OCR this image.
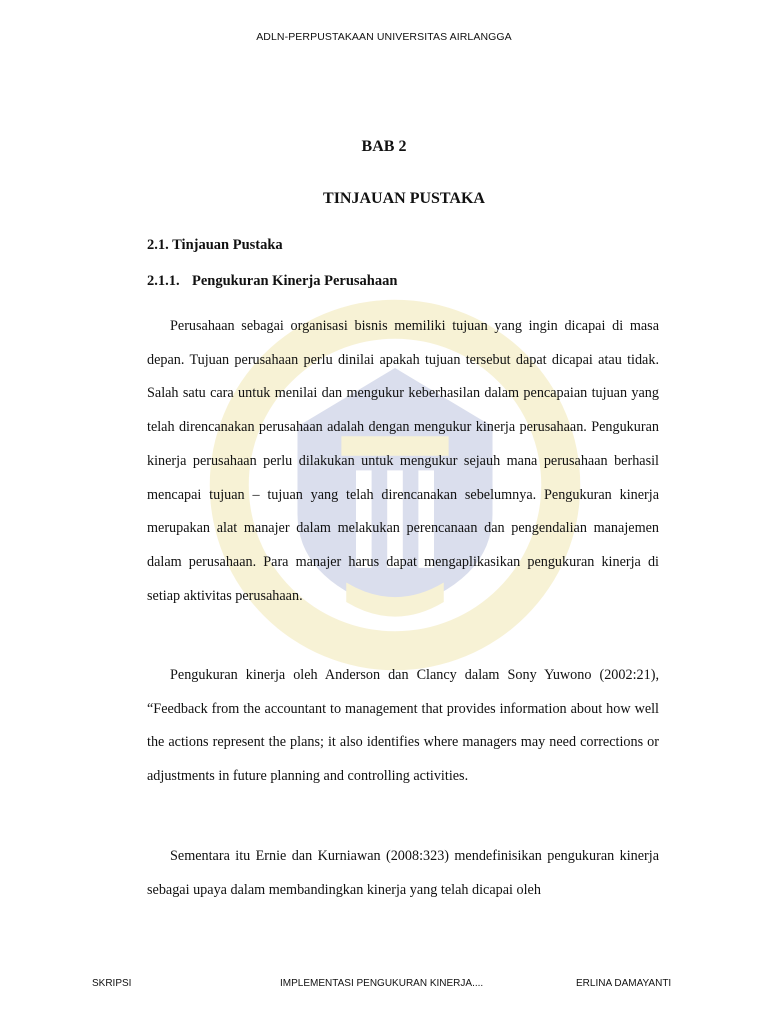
ADLN-PERPUSTAKAAN UNIVERSITAS AIRLANGGA
BAB 2
TINJAUAN PUSTAKA
2.1. Tinjauan Pustaka
2.1.1. Pengukuran Kinerja Perusahaan

Perusahaan sebagai organisasi bisnis memiliki tujuan yang ingin dicapai di masa depan. Tujuan perusahaan perlu dinilai apakah tujuan tersebut dapat dicapai atau tidak. Salah satu cara untuk menilai dan mengukur keberhasilan dalam pencapaian tujuan yang telah direncanakan perusahaan adalah dengan mengukur kinerja perusahaan. Pengukuran kinerja perusahaan perlu dilakukan untuk mengukur sejauh mana perusahaan berhasil mencapai tujuan – tujuan yang telah direncanakan sebelumnya. Pengukuran kinerja merupakan alat manajer dalam melakukan perencanaan dan pengendalian manajemen dalam perusahaan. Para manajer harus dapat mengaplikasikan pengukuran kinerja di setiap aktivitas perusahaan.

Pengukuran kinerja oleh Anderson dan Clancy dalam Sony Yuwono (2002:21), “Feedback from the accountant to management that provides information about how well the actions represent the plans; it also identifies where managers may need corrections or adjustments in future planning and controlling activities.

Sementara itu Ernie dan Kurniawan (2008:323) mendefinisikan pengukuran kinerja sebagai upaya dalam membandingkan kinerja yang telah dicapai oleh

SKRIPSI	IMPLEMENTASI PENGUKURAN KINERJA....	ERLINA DAMAYANTI
